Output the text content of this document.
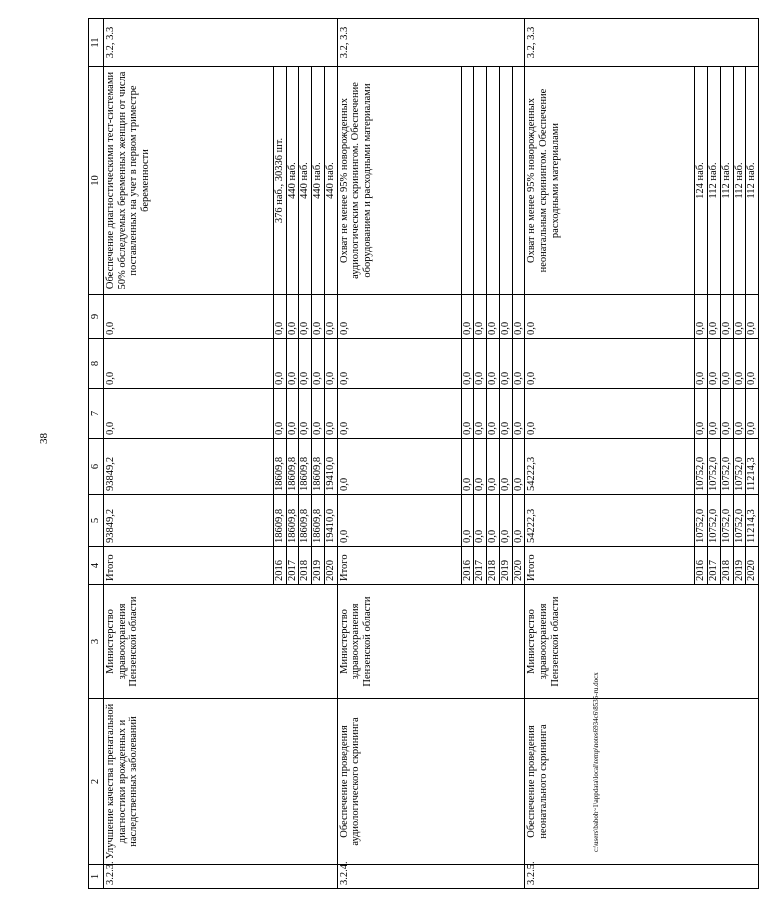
38
1	2	3	4	5	6	7	8	9	10	11
3.2.3.	Улучшение качества пренатальной диагностики врожденных и наследственных заболеваний	Министерство здравоохранения Пензенской области	Итого	93849,2	93849,2	0,0	0,0	0,0	Обеспечение диагностическими тест-системами 50% обследуемых беременных женщин от числа поставленных на учет в первом триместре беременности	3.2, 3.3
			2016	18609,8	18609,8	0,0	0,0	0,0	376 наб., 30336 шт.	
			2017	18609,8	18609,8	0,0	0,0	0,0	440 наб.	
			2018	18609,8	18609,8	0,0	0,0	0,0	440 наб.	
			2019	18609,8	18609,8	0,0	0,0	0,0	440 наб.	
			2020	19410,0	19410,0	0,0	0,0	0,0	440 наб.	
3.2.4.	Обеспечение проведения аудиологического скрининга	Министерство здравоохранения Пензенской области	Итого	0,0	0,0	0,0	0,0	0,0	Охват не менее 95% новорожденных аудиологическим скринингом. Обеспечение оборудованием и расходными материалами	3.2, 3.3
			2016	0,0	0,0	0,0	0,0	0,0		
			2017	0,0	0,0	0,0	0,0	0,0		
			2018	0,0	0,0	0,0	0,0	0,0		
			2019	0,0	0,0	0,0	0,0	0,0		
			2020	0,0	0,0	0,0	0,0	0,0		
3.2.5.	Обеспечение проведения неонатального скрининга	Министерство здравоохранения Пензенской области	Итого	54222,3	54222,3	0,0	0,0	0,0	Охват не менее 95% новорожденных неонатальным скринингом. Обеспечение расходными материалами	3.2, 3.3
			2016	10752,0	10752,0	0,0	0,0	0,0	124 наб.	
			2017	10752,0	10752,0	0,0	0,0	0,0	112 наб.	
			2018	10752,0	10752,0	0,0	0,0	0,0	112 наб.	
			2019	10752,0	10752,0	0,0	0,0	0,0	112 наб.	
			2020	11214,3	11214,3	0,0	0,0	0,0	112 наб.	
c:\users\baboh~1\appdata\local\temp\notes6934c6\8535-ru.docx
